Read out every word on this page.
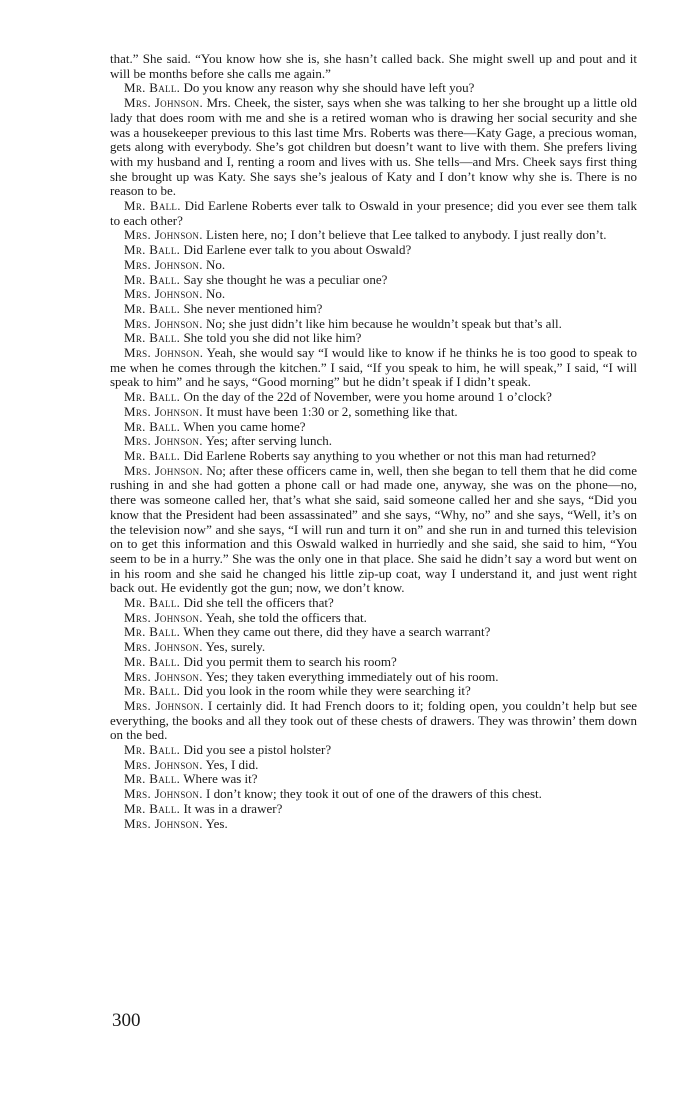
that.” She said. “You know how she is, she hasn’t called back. She might swell up and pout and it will be months before she calls me again.”

Mr. Ball. Do you know any reason why she should have left you?

Mrs. Johnson. Mrs. Cheek, the sister, says when she was talking to her she brought up a little old lady that does room with me and she is a retired woman who is drawing her social security and she was a housekeeper previous to this last time Mrs. Roberts was there—Katy Gage, a precious woman, gets along with everybody. She’s got children but doesn’t want to live with them. She prefers living with my husband and I, renting a room and lives with us. She tells—and Mrs. Cheek says first thing she brought up was Katy. She says she’s jealous of Katy and I don’t know why she is. There is no reason to be.

Mr. Ball. Did Earlene Roberts ever talk to Oswald in your presence; did you ever see them talk to each other?

Mrs. Johnson. Listen here, no; I don’t believe that Lee talked to anybody. I just really don’t.

Mr. Ball. Did Earlene ever talk to you about Oswald?

Mrs. Johnson. No.

Mr. Ball. Say she thought he was a peculiar one?

Mrs. Johnson. No.

Mr. Ball. She never mentioned him?

Mrs. Johnson. No; she just didn’t like him because he wouldn’t speak but that’s all.

Mr. Ball. She told you she did not like him?

Mrs. Johnson. Yeah, she would say “I would like to know if he thinks he is too good to speak to me when he comes through the kitchen.” I said, “If you speak to him, he will speak,” I said, “I will speak to him” and he says, “Good morning” but he didn’t speak if I didn’t speak.

Mr. Ball. On the day of the 22d of November, were you home around 1 o’clock?

Mrs. Johnson. It must have been 1:30 or 2, something like that.

Mr. Ball. When you came home?

Mrs. Johnson. Yes; after serving lunch.

Mr. Ball. Did Earlene Roberts say anything to you whether or not this man had returned?

Mrs. Johnson. No; after these officers came in, well, then she began to tell them that he did come rushing in and she had gotten a phone call or had made one, anyway, she was on the phone—no, there was someone called her, that’s what she said, said someone called her and she says, “Did you know that the President had been assassinated” and she says, “Why, no” and she says, “Well, it’s on the television now” and she says, “I will run and turn it on” and she run in and turned this television on to get this information and this Oswald walked in hurriedly and she said, she said to him, “You seem to be in a hurry.” She was the only one in that place. She said he didn’t say a word but went on in his room and she said he changed his little zip-up coat, way I understand it, and just went right back out. He evidently got the gun; now, we don’t know.

Mr. Ball. Did she tell the officers that?

Mrs. Johnson. Yeah, she told the officers that.

Mr. Ball. When they came out there, did they have a search warrant?

Mrs. Johnson. Yes, surely.

Mr. Ball. Did you permit them to search his room?

Mrs. Johnson. Yes; they taken everything immediately out of his room.

Mr. Ball. Did you look in the room while they were searching it?

Mrs. Johnson. I certainly did. It had French doors to it; folding open, you couldn’t help but see everything, the books and all they took out of these chests of drawers. They was throwin’ them down on the bed.

Mr. Ball. Did you see a pistol holster?

Mrs. Johnson. Yes, I did.

Mr. Ball. Where was it?

Mrs. Johnson. I don’t know; they took it out of one of the drawers of this chest.

Mr. Ball. It was in a drawer?

Mrs. Johnson. Yes.

300
